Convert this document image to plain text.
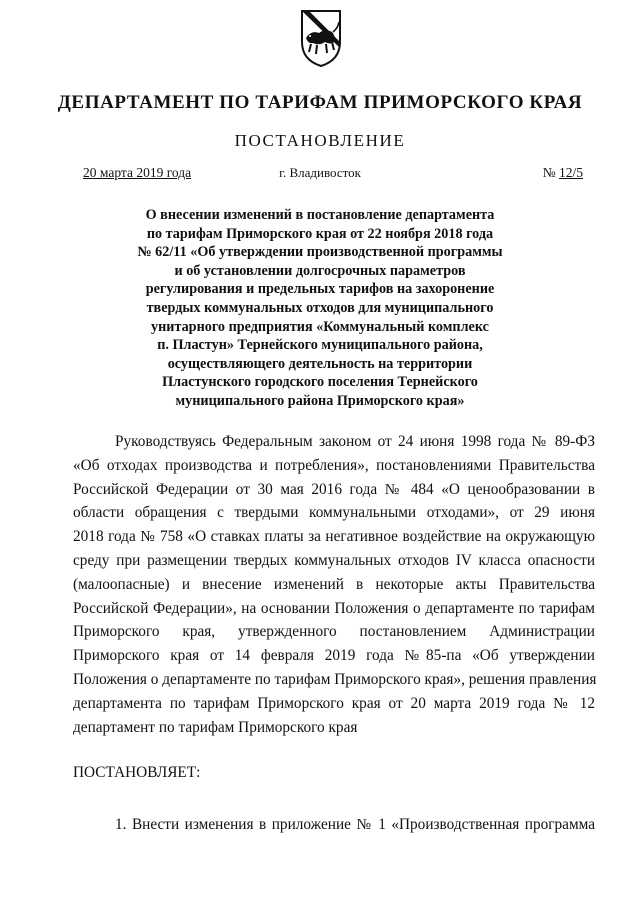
ДЕПАРТАМЕНТ ПО ТАРИФАМ ПРИМОРСКОГО КРАЯ
ПОСТАНОВЛЕНИЕ
20 марта 2019 года	г. Владивосток	№ 12/5
О внесении изменений в постановление департамента
по тарифам Приморского края от 22 ноября 2018 года
№ 62/11 «Об утверждении производственной программы
и об установлении долгосрочных параметров
регулирования и предельных тарифов на захоронение
твердых коммунальных отходов для муниципального
унитарного предприятия «Коммунальный комплекс
п. Пластун» Тернейского муниципального района,
осуществляющего деятельность на территории
Пластунского городского поселения Тернейского
муниципального района Приморского края»
Руководствуясь Федеральным законом от 24 июня 1998 года № 89-ФЗ
«Об отходах производства и потребления», постановлениями Правительства
Российской Федерации от 30 мая 2016 года № 484 «О ценообразовании в
области обращения с твердыми коммунальными отходами», от 29 июня
2018 года № 758 «О ставках платы за негативное воздействие на окружающую
среду при размещении твердых коммунальных отходов IV класса опасности
(малоопасные) и внесение изменений в некоторые акты Правительства
Российской Федерации», на основании Положения о департаменте по тарифам
Приморского края, утвержденного постановлением Администрации
Приморского края от 14 февраля 2019 года №85-па «Об утверждении
Положения о департаменте по тарифам Приморского края», решения правления
департамента по тарифам Приморского края от 20 марта 2019 года № 12
департамент по тарифам Приморского края
ПОСТАНОВЛЯЕТ:
1. Внести изменения в приложение № 1 «Производственная программа
